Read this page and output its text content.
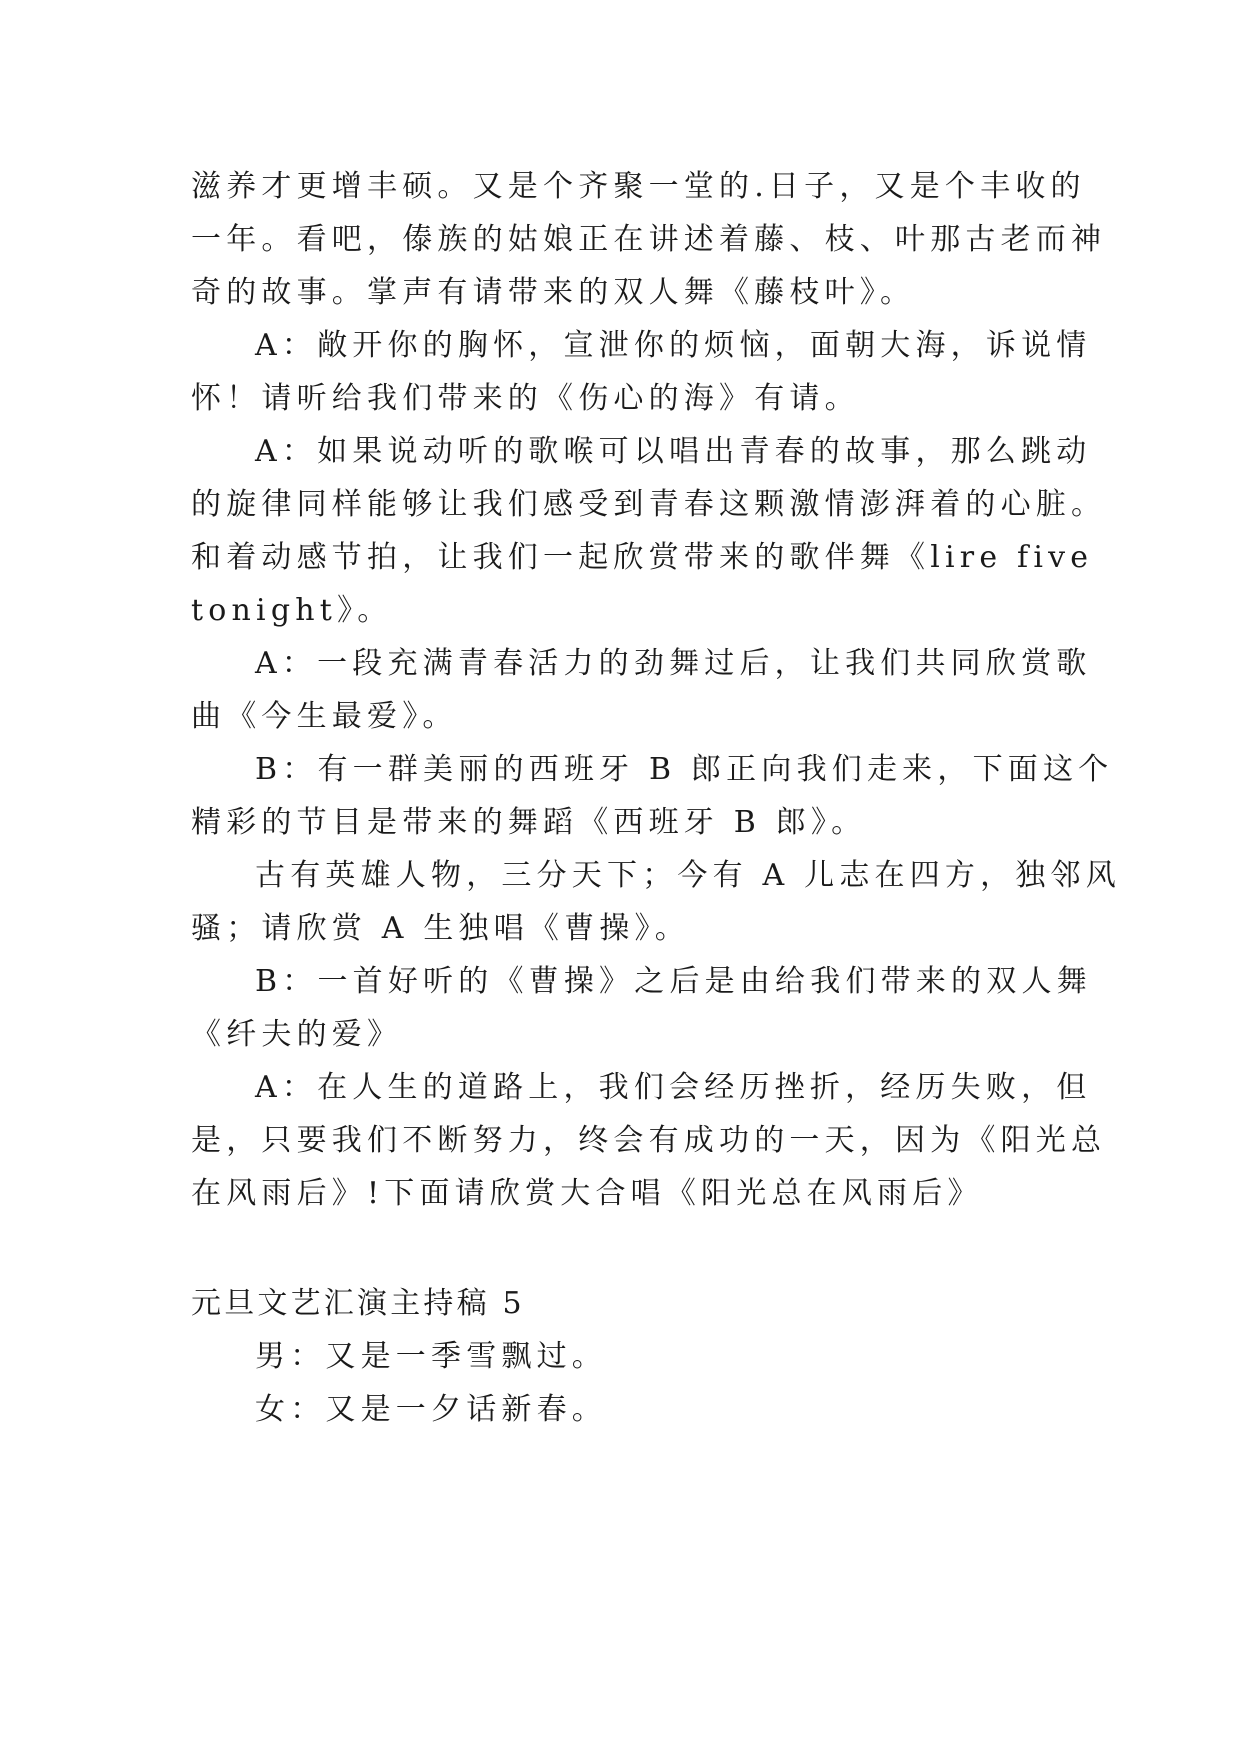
滋养才更增丰硕。又是个齐聚一堂的.日子，又是个丰收的
一年。看吧，傣族的姑娘正在讲述着藤、枝、叶那古老而神
奇的故事。掌声有请带来的双人舞《藤枝叶》。
A：敞开你的胸怀，宣泄你的烦恼，面朝大海，诉说情
怀！请听给我们带来的《伤心的海》有请。
A：如果说动听的歌喉可以唱出青春的故事，那么跳动
的旋律同样能够让我们感受到青春这颗激情澎湃着的心脏。
和着动感节拍，让我们一起欣赏带来的歌伴舞《lire five
tonight》。
A：一段充满青春活力的劲舞过后，让我们共同欣赏歌
曲《今生最爱》。
B：有一群美丽的西班牙 B 郎正向我们走来，下面这个
精彩的节目是带来的舞蹈《西班牙 B 郎》。
古有英雄人物，三分天下；今有 A 儿志在四方，独邻风
骚；请欣赏 A 生独唱《曹操》。
B：一首好听的《曹操》之后是由给我们带来的双人舞
《纤夫的爱》
A：在人生的道路上，我们会经历挫折，经历失败，但
是，只要我们不断努力，终会有成功的一天，因为《阳光总
在风雨后》!下面请欣赏大合唱《阳光总在风雨后》
元旦文艺汇演主持稿 5
男：又是一季雪飘过。
女：又是一夕话新春。
